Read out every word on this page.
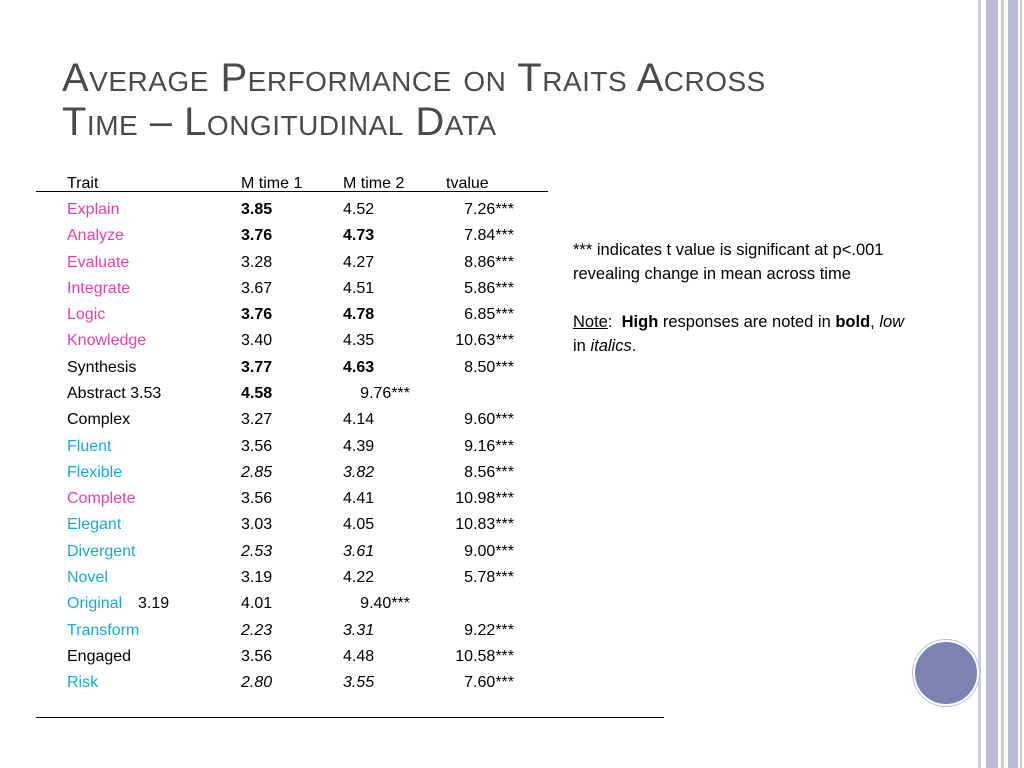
Average Performance on Traits Across
Time – Longitudinal Data
Trait	M time 1	M time 2	tvalue
Explain	3.85	4.52	7.26***
Analyze	3.76	4.73	7.84***
Evaluate	3.28	4.27	8.86***
Integrate	3.67	4.51	5.86***
Logic	3.76	4.78	6.85***
Knowledge	3.40	4.35	10.63***
Synthesis	3.77	4.63	8.50***
Abstract 3.53	4.58	9.76***
Complex	3.27	4.14	9.60***
Fluent	3.56	4.39	9.16***
Flexible	2.85	3.82	8.56***
Complete	3.56	4.41	10.98***
Elegant	3.03	4.05	10.83***
Divergent	2.53	3.61	9.00***
Novel	3.19	4.22	5.78***
Original 3.19	4.01	9.40***
Transform	2.23	3.31	9.22***
Engaged	3.56	4.48	10.58***
Risk	2.80	3.55	7.60***

*** indicates t value is significant at p<.001

revealing change in mean across time

Note:  High responses are noted in bold, low

in italics.
